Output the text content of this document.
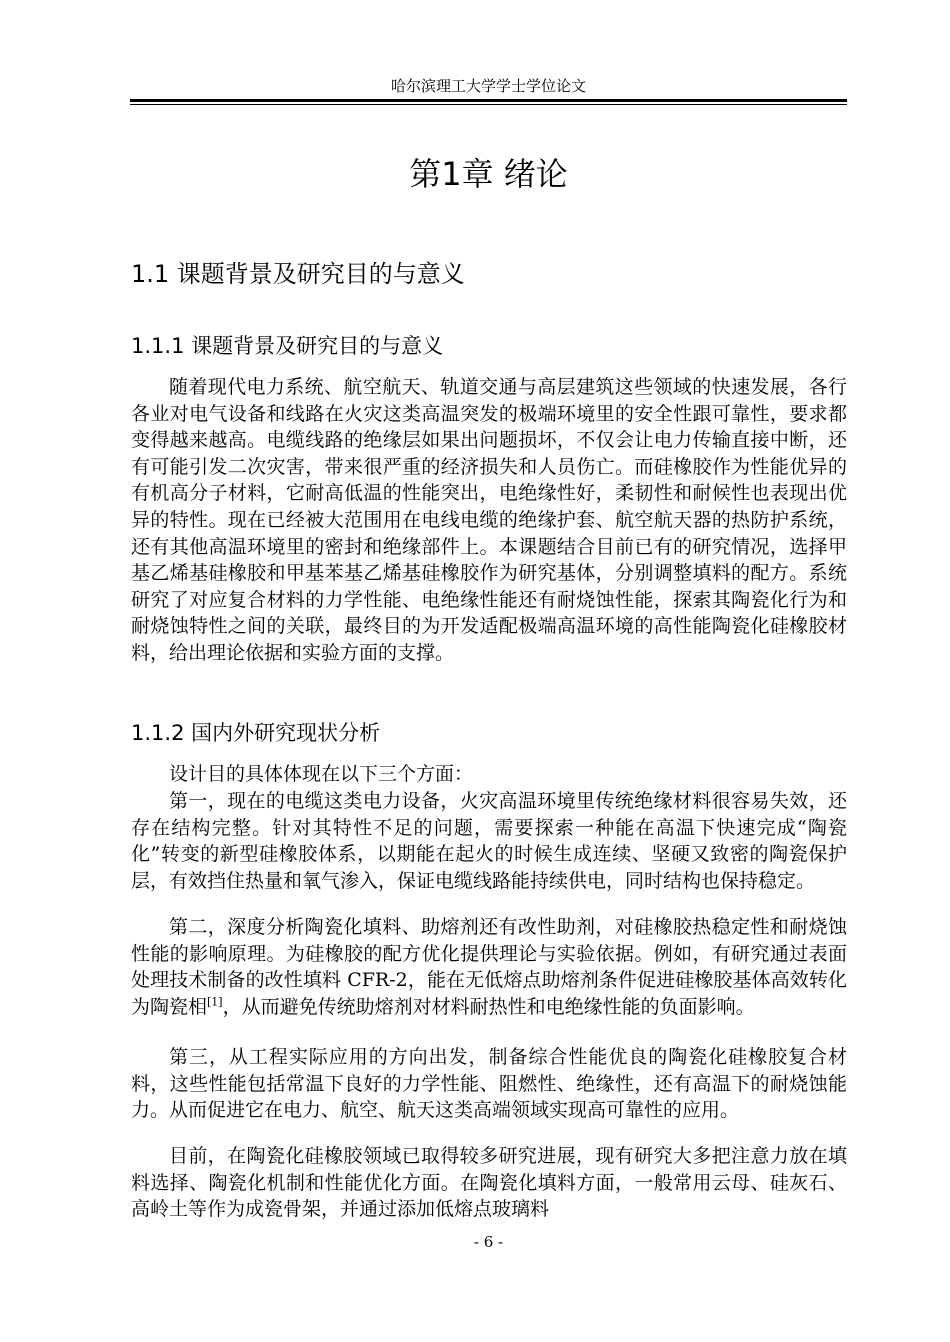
哈尔滨理工大学学士学位论文
第1章 绪论
1.1 课题背景及研究目的与意义
1.1.1 课题背景及研究目的与意义

随着现代电力系统、航空航天、轨道交通与高层建筑这些领域的快速发展，各行各业对电气设备和线路在火灾这类高温突发的极端环境里的安全性跟可靠性，要求都变得越来越高。电缆线路的绝缘层如果出问题损坏，不仅会让电力传输直接中断，还有可能引发二次灾害，带来很严重的经济损失和人员伤亡。而硅橡胶作为性能优异的有机高分子材料，它耐高低温的性能突出，电绝缘性好，柔韧性和耐候性也表现出优异的特性。现在已经被大范围用在电线电缆的绝缘护套、航空航天器的热防护系统，还有其他高温环境里的密封和绝缘部件上。本课题结合目前已有的研究情况，选择甲基乙烯基硅橡胶和甲基苯基乙烯基硅橡胶作为研究基体，分别调整填料的配方。系统研究了对应复合材料的力学性能、电绝缘性能还有耐烧蚀性能，探索其陶瓷化行为和耐烧蚀特性之间的关联，最终目的为开发适配极端高温环境的高性能陶瓷化硅橡胶材料，给出理论依据和实验方面的支撑。

1.1.2 国内外研究现状分析

设计目的具体体现在以下三个方面：

第一，现在的电缆这类电力设备，火灾高温环境里传统绝缘材料很容易失效，还存在结构完整。针对其特性不足的问题，需要探索一种能在高温下快速完成“陶瓷化”转变的新型硅橡胶体系，以期能在起火的时候生成连续、坚硬又致密的陶瓷保护层，有效挡住热量和氧气渗入，保证电缆线路能持续供电，同时结构也保持稳定。

第二，深度分析陶瓷化填料、助熔剂还有改性助剂，对硅橡胶热稳定性和耐烧蚀性能的影响原理。为硅橡胶的配方优化提供理论与实验依据。例如，有研究通过表面处理技术制备的改性填料 CFR-2，能在无低熔点助熔剂条件促进硅橡胶基体高效转化为陶瓷相[1]，从而避免传统助熔剂对材料耐热性和电绝缘性能的负面影响。

第三，从工程实际应用的方向出发，制备综合性能优良的陶瓷化硅橡胶复合材料，这些性能包括常温下良好的力学性能、阻燃性、绝缘性，还有高温下的耐烧蚀能力。从而促进它在电力、航空、航天这类高端领域实现高可靠性的应用。

目前，在陶瓷化硅橡胶领域已取得较多研究进展，现有研究大多把注意力放在填料选择、陶瓷化机制和性能优化方面。在陶瓷化填料方面，一般常用云母、硅灰石、高岭土等作为成瓷骨架，并通过添加低熔点玻璃料

- 6 -
